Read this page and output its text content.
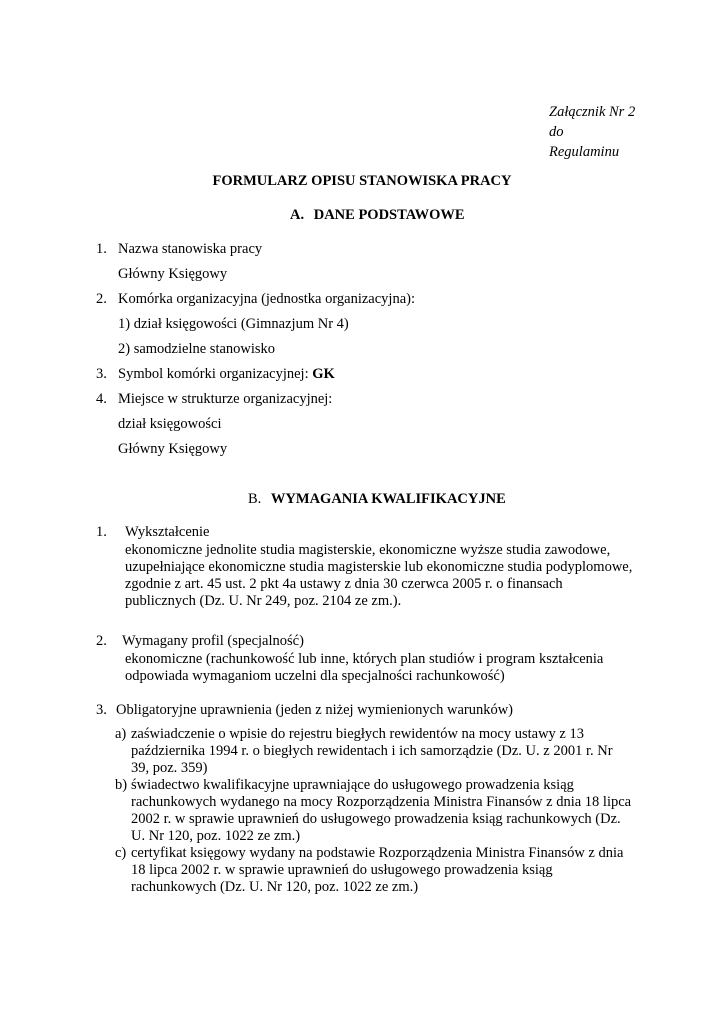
Załącznik Nr 2
do
Regulaminu
FORMULARZ OPISU STANOWISKA PRACY
A. DANE PODSTAWOWE
1. Nazwa stanowiska pracy
Główny Księgowy
2. Komórka organizacyjna (jednostka organizacyjna):
1) dział księgowości (Gimnazjum Nr 4)
2) samodzielne stanowisko
3. Symbol komórki organizacyjnej: GK
4. Miejsce w strukturze organizacyjnej:
dział księgowości
Główny Księgowy
B. WYMAGANIA KWALIFIKACYJNE
1. Wykształcenie
ekonomiczne jednolite studia magisterskie, ekonomiczne wyższe studia zawodowe,
uzupełniające ekonomiczne studia magisterskie lub ekonomiczne studia podyplomowe,
zgodnie z art. 45 ust. 2 pkt 4a ustawy z dnia 30 czerwca 2005 r. o finansach
publicznych (Dz. U. Nr 249, poz. 2104 ze zm.).
2. Wymagany profil (specjalność)
ekonomiczne (rachunkowość lub inne, których plan studiów i program kształcenia
odpowiada wymaganiom uczelni dla specjalności rachunkowość)
3. Obligatoryjne uprawnienia (jeden z niżej wymienionych warunków)
a) zaświadczenie o wpisie do rejestru biegłych rewidentów na mocy ustawy z 13
października 1994 r. o biegłych rewidentach i ich samorządzie (Dz. U. z 2001 r. Nr
39, poz. 359)
b) świadectwo kwalifikacyjne uprawniające do usługowego prowadzenia ksiąg
rachunkowych wydanego na mocy Rozporządzenia Ministra Finansów z dnia 18 lipca
2002 r. w sprawie uprawnień do usługowego prowadzenia ksiąg rachunkowych (Dz.
U. Nr 120, poz. 1022 ze zm.)
c) certyfikat księgowy wydany na podstawie Rozporządzenia Ministra Finansów z dnia
18 lipca 2002 r. w sprawie uprawnień do usługowego prowadzenia ksiąg
rachunkowych (Dz. U. Nr 120, poz. 1022 ze zm.)
